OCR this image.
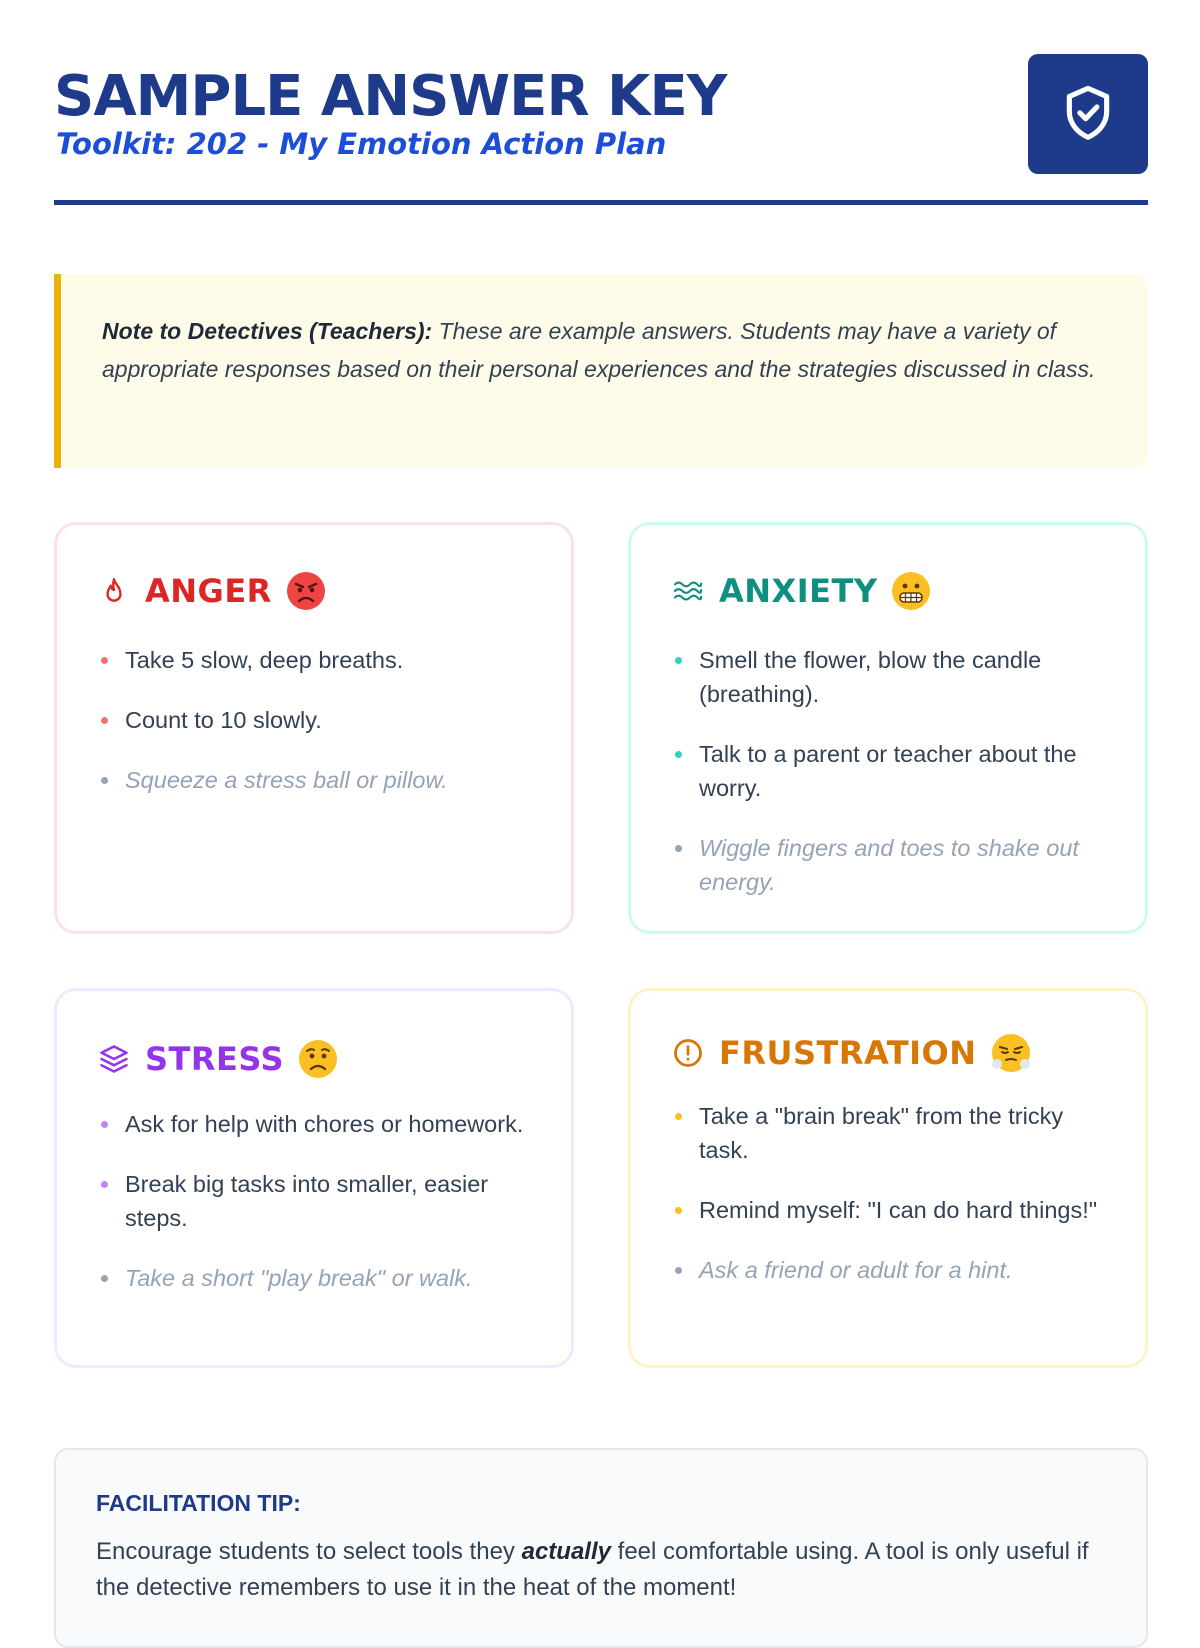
SAMPLE ANSWER KEY

Toolkit: 202 - My Emotion Action Plan

Note to Detectives (Teachers): These are example answers. Students may have a variety of appropriate responses based on their personal experiences and the strategies discussed in class.
ANGER
Take 5 slow, deep breaths.
Count to 10 slowly.
Squeeze a stress ball or pillow.
ANXIETY
Smell the flower, blow the candle (breathing).
Talk to a parent or teacher about the worry.
Wiggle fingers and toes to shake out energy.
STRESS
Ask for help with chores or homework.
Break big tasks into smaller, easier steps.
Take a short "play break" or walk.
FRUSTRATION
Take a "brain break" from the tricky task.
Remind myself: "I can do hard things!"
Ask a friend or adult for a hint.
FACILITATION TIP:
Encourage students to select tools they actually feel comfortable using. A tool is only useful if the detective remembers to use it in the heat of the moment!
